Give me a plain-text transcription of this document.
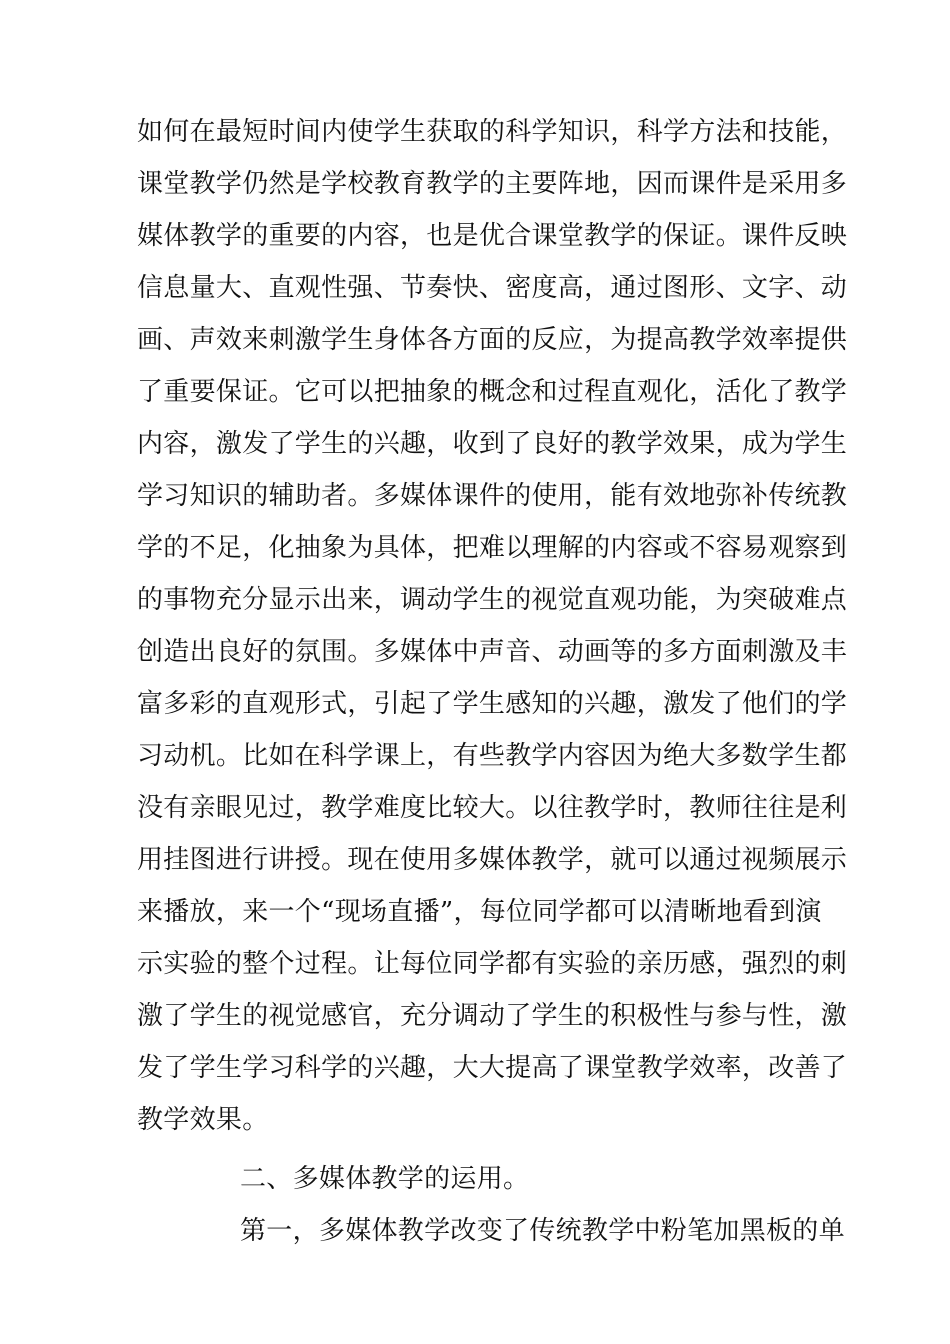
如何在最短时间内使学生获取的科学知识，科学方法和技能，
课堂教学仍然是学校教育教学的主要阵地，因而课件是采用多
媒体教学的重要的内容，也是优合课堂教学的保证。课件反映
信息量大、直观性强、节奏快、密度高，通过图形、文字、动
画、声效来刺激学生身体各方面的反应，为提高教学效率提供
了重要保证。它可以把抽象的概念和过程直观化，活化了教学
内容，激发了学生的兴趣，收到了良好的教学效果，成为学生
学习知识的辅助者。多媒体课件的使用，能有效地弥补传统教
学的不足，化抽象为具体，把难以理解的内容或不容易观察到
的事物充分显示出来，调动学生的视觉直观功能，为突破难点
创造出良好的氛围。多媒体中声音、动画等的多方面刺激及丰
富多彩的直观形式，引起了学生感知的兴趣，激发了他们的学
习动机。比如在科学课上，有些教学内容因为绝大多数学生都
没有亲眼见过，教学难度比较大。以往教学时，教师往往是利
用挂图进行讲授。现在使用多媒体教学，就可以通过视频展示
来播放，来一个“现场直播”，每位同学都可以清晰地看到演
示实验的整个过程。让每位同学都有实验的亲历感，强烈的刺
激了学生的视觉感官，充分调动了学生的积极性与参与性，激
发了学生学习科学的兴趣，大大提高了课堂教学效率，改善了
教学效果。
二、多媒体教学的运用。
第一，多媒体教学改变了传统教学中粉笔加黑板的单
